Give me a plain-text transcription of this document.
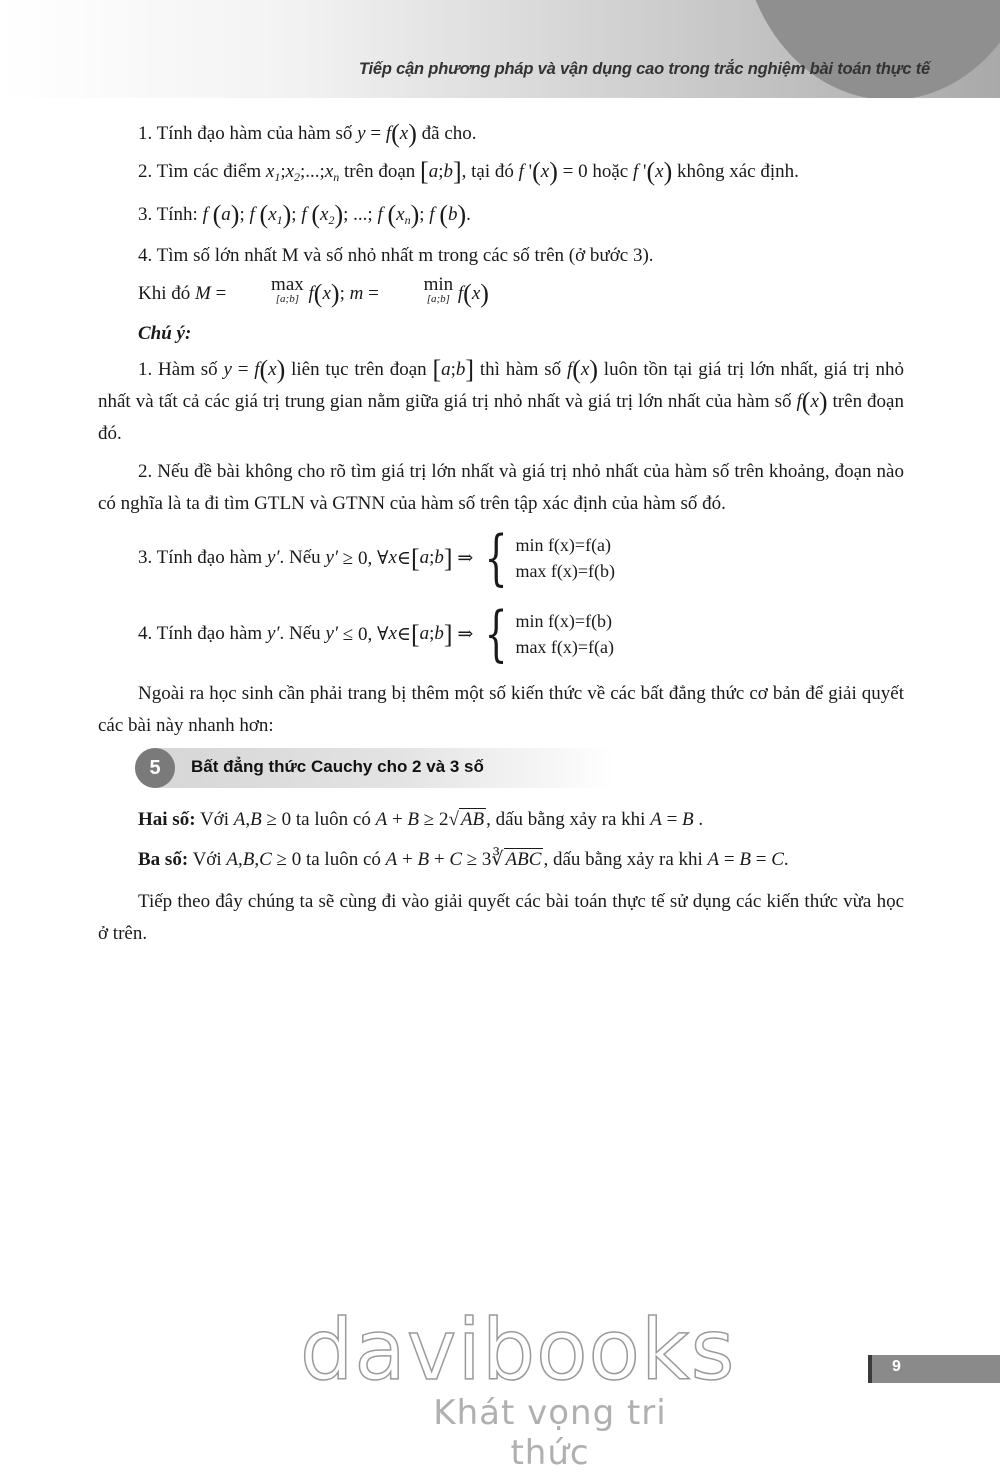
Tiếp cận phương pháp và vận dụng cao trong trắc nghiệm bài toán thực tế

1. Tính đạo hàm của hàm số y = f(x) đã cho.

2. Tìm các điểm $x_1;x_2;...;x_n$ trên đoạn [a;b], tại đó f '(x) = 0 hoặc f '(x) không xác định.

3. Tính: f (a); f $(x_1)$; f $(x_2)$; ...; f $(x_n)$; f (b).

4. Tìm số lớn nhất M và số nhỏ nhất m trong các số trên (ở bước 3).

Khi đó M = max
[a;b] f(x); m = min
[a;b] f(x)

Chú ý:

1. Hàm số y = f(x) liên tục trên đoạn [a;b] thì hàm số f(x) luôn tồn tại giá trị lớn nhất, giá trị nhỏ nhất và tất cả các giá trị trung gian nằm giữa giá trị nhỏ nhất và giá trị lớn nhất của hàm số f(x) trên đoạn đó.

2. Nếu đề bài không cho rõ tìm giá trị lớn nhất và giá trị nhỏ nhất của hàm số trên khoảng, đoạn nào có nghĩa là ta đi tìm GTLN và GTNN của hàm số trên tập xác định của hàm số đó.

3. Tính đạo hàm
y′ . Nếu
y′ ≥ 0, ∀ x ∈ [ a ; b ] ⇒ { min f(x)=f(a)
max f(x)=f(b)
4. Tính đạo hàm
y′ . Nếu
y′ ≤ 0, ∀ x ∈ [ a ; b ] ⇒ { min f(x)=f(b)
max f(x)=f(a)

Ngoài ra học sinh cần phải trang bị thêm một số kiến thức về các bất đẳng thức cơ bản để giải quyết các bài này nhanh hơn:

5	Bất đẳng thức Cauchy cho 2 và 3 số

Hai số: Với A,B ≥ 0 ta luôn có A + B ≥ 2√ AB , dấu bằng xảy ra khi A = B .

Ba số: Với A,B,C ≥ 0 ta luôn có A + B + C ≥ 3∛ ABC , dấu bằng xảy ra khi A = B = C.

Tiếp theo đây chúng ta sẽ cùng đi vào giải quyết các bài toán thực tế sử dụng các kiến thức vừa học ở trên.

davibooks
Khát vọng tri thức
9
